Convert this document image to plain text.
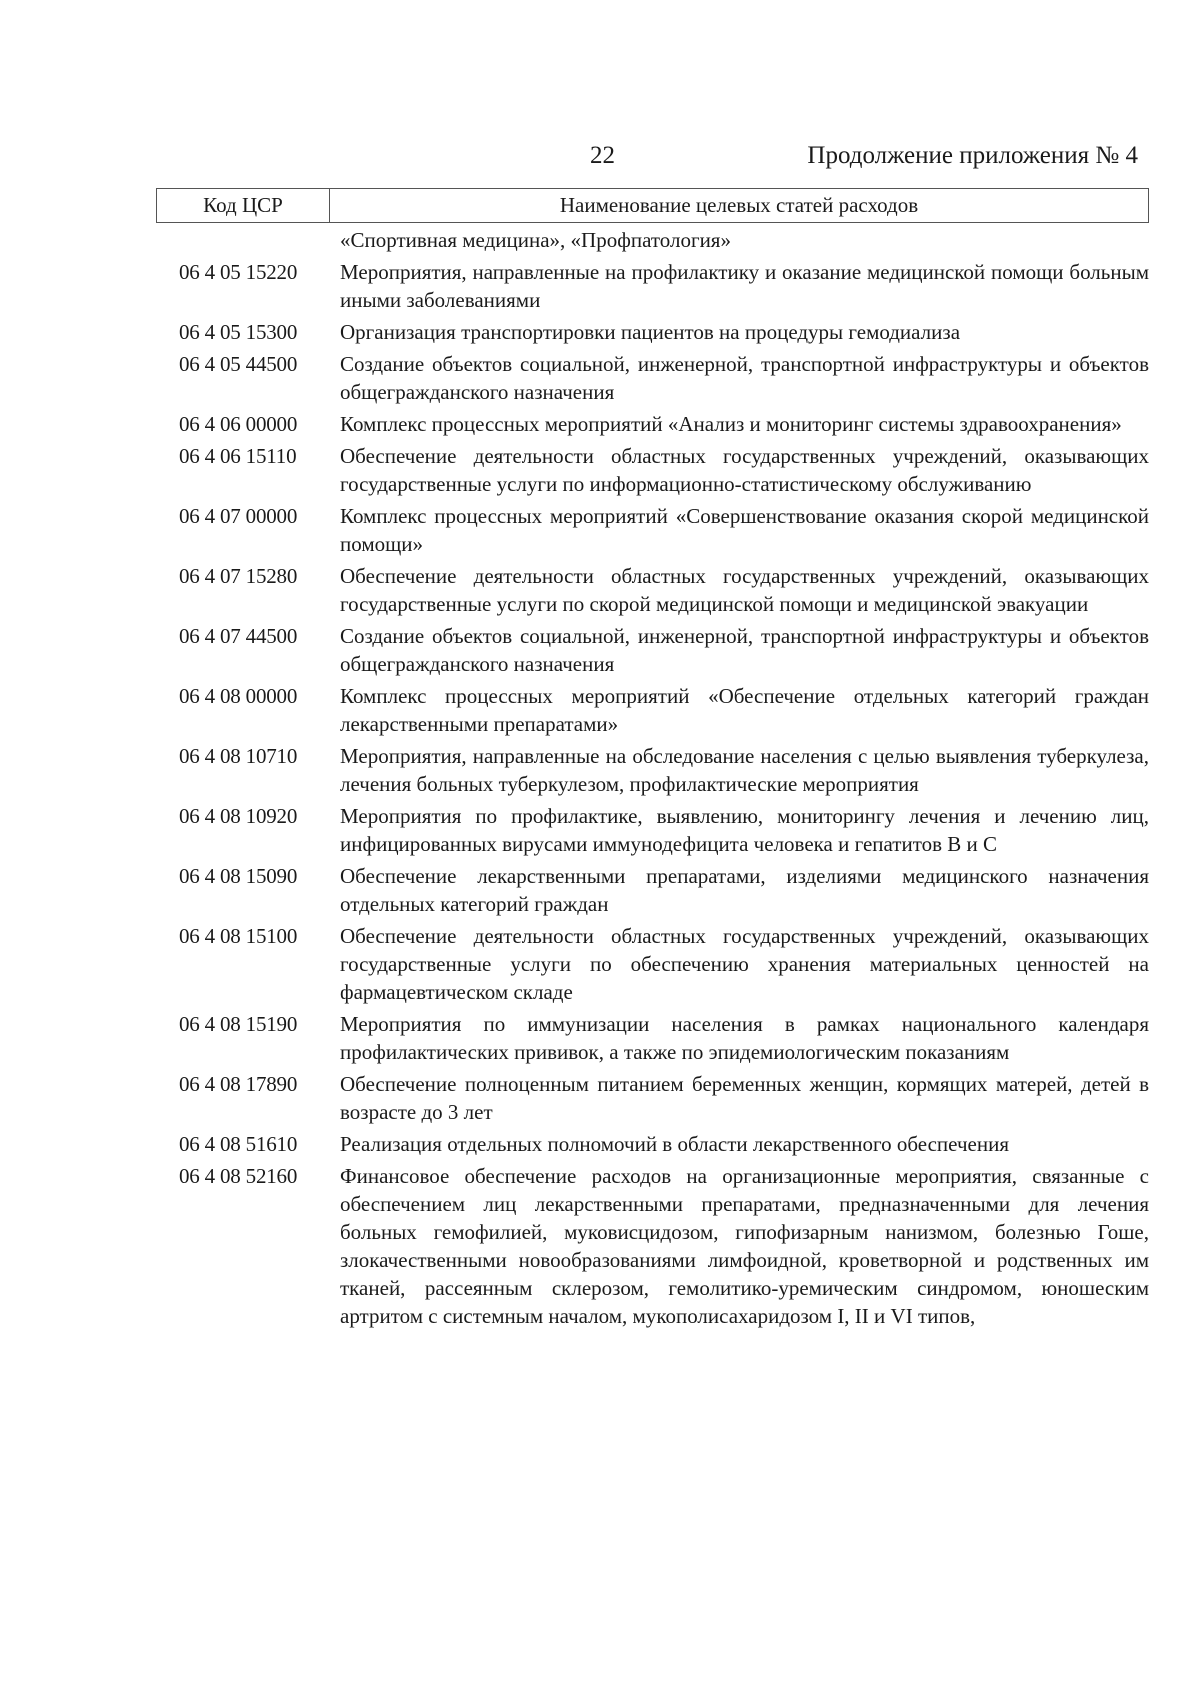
22	Продолжение приложения № 4
Код ЦСР	Наименование целевых статей расходов
«Спортивная медицина», «Профпатология»
06 4 05 15220	Мероприятия, направленные на профилактику и оказание медицинской помощи больным иными заболеваниями
06 4 05 15300	Организация транспортировки пациентов на процедуры гемодиализа
06 4 05 44500	Создание объектов социальной, инженерной, транспортной инфраструктуры и объектов общегражданского назначения
06 4 06 00000	Комплекс процессных мероприятий «Анализ и мониторинг системы здравоохранения»
06 4 06 15110	Обеспечение деятельности областных государственных учреждений, оказывающих государственные услуги по информационно-статистическому обслуживанию
06 4 07 00000	Комплекс процессных мероприятий «Совершенствование оказания скорой медицинской помощи»
06 4 07 15280	Обеспечение деятельности областных государственных учреждений, оказывающих государственные услуги по скорой медицинской помощи и медицинской эвакуации
06 4 07 44500	Создание объектов социальной, инженерной, транспортной инфраструктуры и объектов общегражданского назначения
06 4 08 00000	Комплекс процессных мероприятий «Обеспечение отдельных категорий граждан лекарственными препаратами»
06 4 08 10710	Мероприятия, направленные на обследование населения с целью выявления туберкулеза, лечения больных туберкулезом, профилактические мероприятия
06 4 08 10920	Мероприятия по профилактике, выявлению, мониторингу лечения и лечению лиц, инфицированных вирусами иммунодефицита человека и гепатитов B и C
06 4 08 15090	Обеспечение лекарственными препаратами, изделиями медицинского назначения отдельных категорий граждан
06 4 08 15100	Обеспечение деятельности областных государственных учреждений, оказывающих государственные услуги по обеспечению хранения материальных ценностей на фармацевтическом складе
06 4 08 15190	Мероприятия по иммунизации населения в рамках национального календаря профилактических прививок, а также по эпидемиологическим показаниям
06 4 08 17890	Обеспечение полноценным питанием беременных женщин, кормящих матерей, детей в возрасте до 3 лет
06 4 08 51610	Реализация отдельных полномочий в области лекарственного обеспечения
06 4 08 52160	Финансовое обеспечение расходов на организационные мероприятия, связанные с обеспечением лиц лекарственными препаратами, предназначенными для лечения больных гемофилией, муковисцидозом, гипофизарным нанизмом, болезнью Гоше, злокачественными новообразованиями лимфоидной, кроветворной и родственных им тканей, рассеянным склерозом, гемолитико-уремическим синдромом, юношеским артритом с системным началом, мукополисахаридозом I, II и VI типов,
